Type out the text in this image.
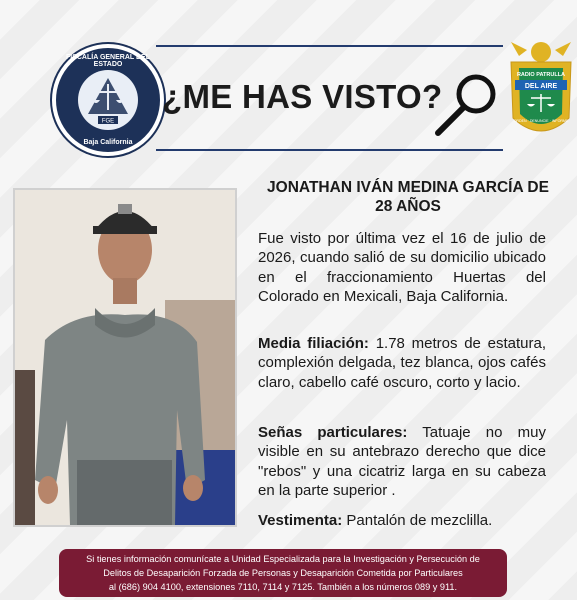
FISCALÍA GENERAL DEL ESTADO
FGE
Baja California
¿ME HAS VISTO?
RADIO PATRULLA
DEL AIRE
ORDEN · DENUNCIE · INFORME
JONATHAN IVÁN MEDINA GARCÍA DE
28 AÑOS
Fue visto por última vez el 16 de julio de 2026, cuando salió de su domicilio ubicado en el fraccionamiento Huertas del Colorado en Mexicali, Baja California.
Media filiación: 1.78 metros de estatura, complexión delgada, tez blanca, ojos cafés claro, cabello café oscuro, corto y lacio.
Señas particulares: Tatuaje no muy visible en su antebrazo derecho que dice "rebos" y una cicatriz larga en su cabeza en la parte superior .
Vestimenta: Pantalón de mezclilla.
Si tienes información comunícate a Unidad Especializada para la Investigación y Persecución de
Delitos de Desaparición Forzada de Personas y Desaparición Cometida por Particulares
al (686) 904 4100, extensiones 7110, 7114 y 7125. También a los números 089 y 911.
